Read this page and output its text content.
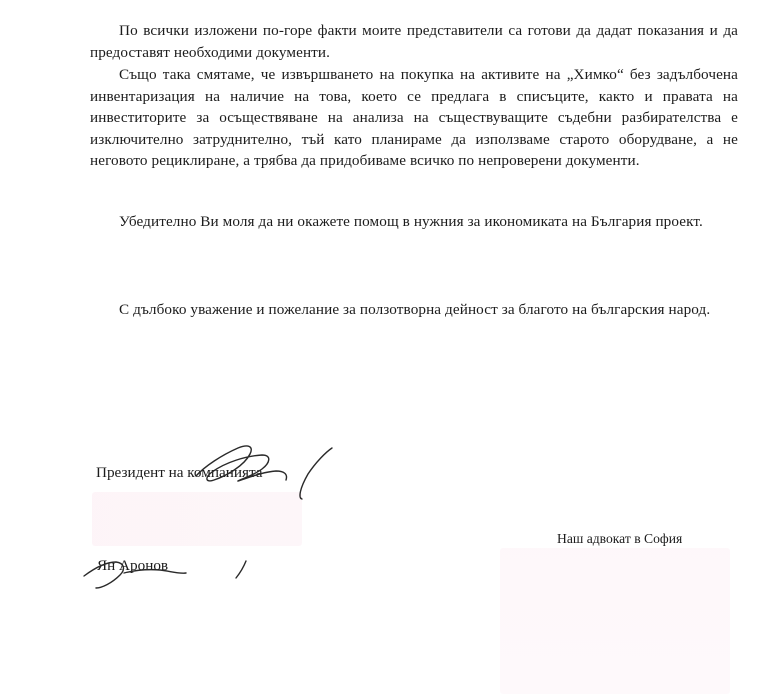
По всички изложени по-горе факти моите представители са готови да дадат показания и да предоставят необходими документи.

Също така смятаме, че извършването на покупка на активите на „Химко“ без задълбочена инвентаризация на наличие на това, което се предлага в списъците, както и правата на инвеститорите за осъществяване на анализа на съществуващите съдебни разбирателства е изключително затруднително, тъй като планираме да използваме старото оборудване, а не неговото рециклиране, а трябва да придобиваме всичко по непроверени документи.

Убедително Ви моля да ни окажете помощ в нужния за икономиката на България проект.

С дълбоко уважение и пожелание за ползотворна дейност за благото на българския народ.

Президент на компанията

Ян Аронов

Наш адвокат в София
